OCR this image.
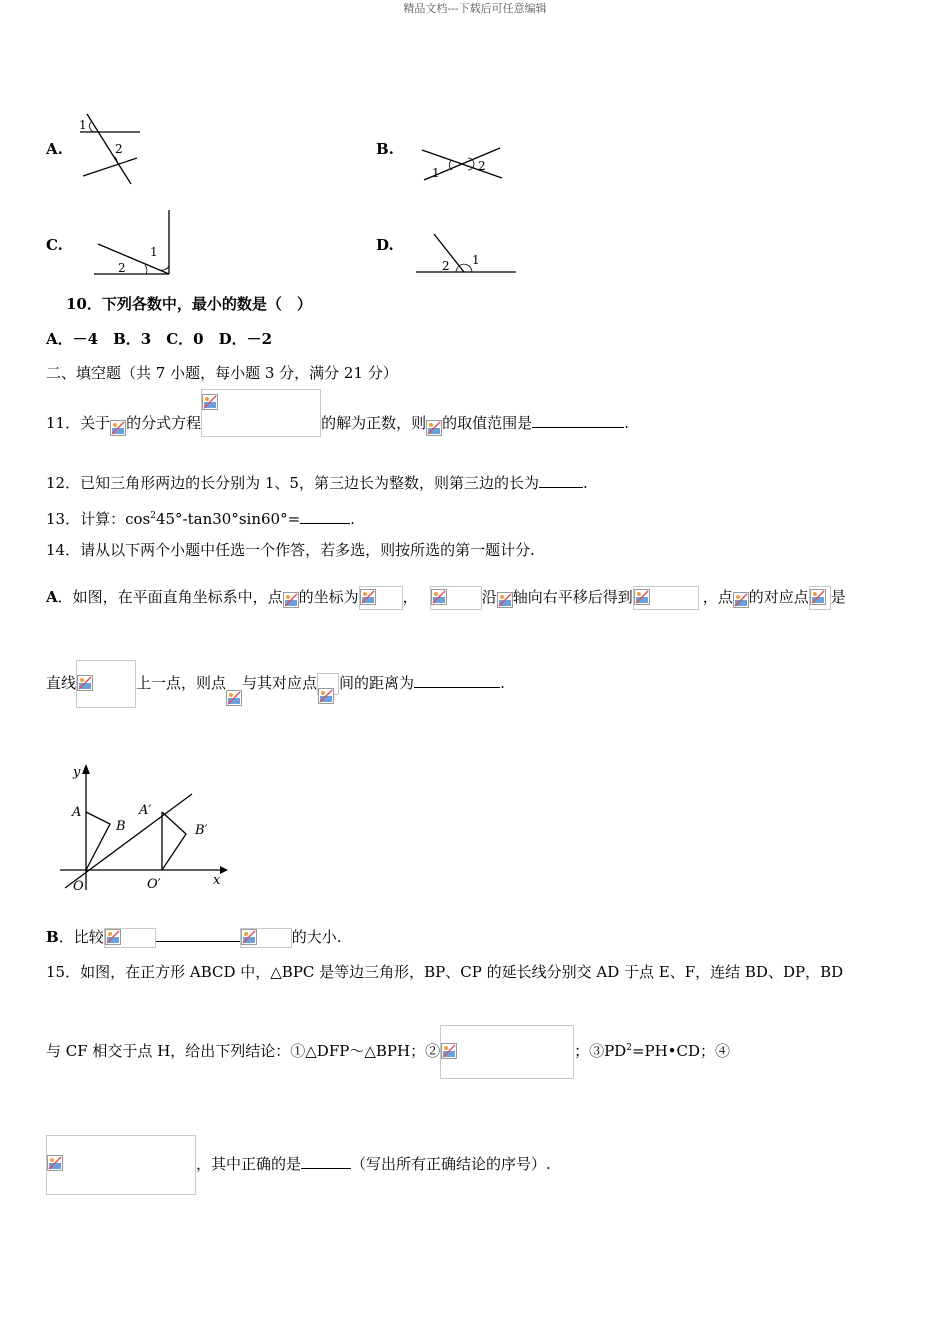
精品文档---下载后可任意编辑
A.
1
2	B.
1	2
C.	1
2
D.
1
2
10．下列各数中，最小的数是（　）
A．－4　B．3　C．0　D．－2
二、填空题（共 7 小题，每小题 3 分，满分 21 分）
11．关于 的分式方程	的解为正数，则 的取值范围是	.
12．已知三角形两边的长分别为 1、5，第三边长为整数，则第三边的长为	.
13．计算：$\cos^245^\circ-\tan 30^\circ\sin 60^\circ=$	.
14．请从以下两个小题中任选一个作答，若多选，则按所选的第一题计分.
A．如图，在平面直角坐标系中，点 的坐标为	，	沿 轴向右平移后得到	，点 的对应点 是
直线	上一点，则点 与其对应点 间的距离为	.
y
x
A
B
A′
B′
O	O′
B．比较	的大小.
15．如图，在正方形 ABCD 中，△BPC 是等边三角形，BP、CP 的延长线分别交 AD 于点 E、F，连结 BD、DP，BD
与 CF 相交于点 H，给出下列结论：①△DFP～△BPH；②	；$③PD^2=PH•CD$；④
，其中正确的是	（写出所有正确结论的序号）.
